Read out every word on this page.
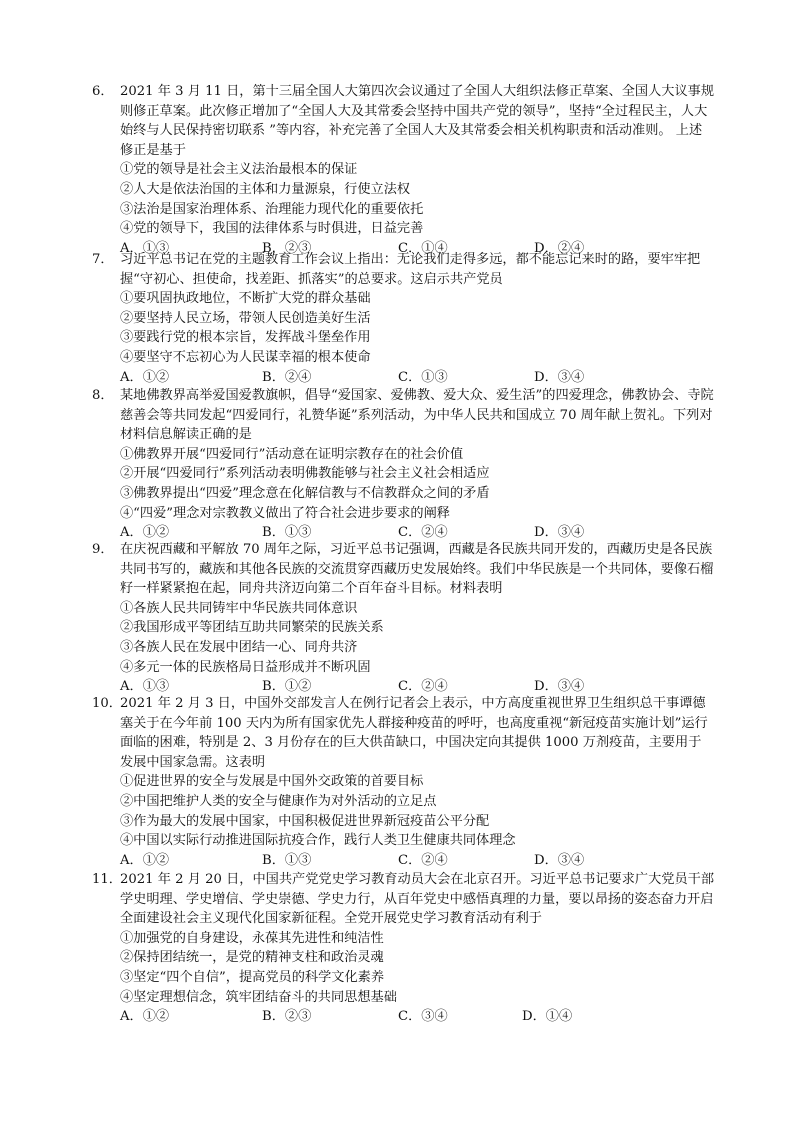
6． 2021 年 3 月 11 日，第十三届全国人大第四次会议通过了全国人大组织法修正草案、全国人大议事规则修正草案。此次修正增加了“全国人大及其常委会坚持中国共产党的领导”，坚持“全过程民主，人大始终与人民保持密切联系 ”等内容，补充完善了全国人大及其常委会相关机构职责和活动准则。 上述修正是基于
①党的领导是社会主义法治最根本的保证
②人大是依法治国的主体和力量源泉，行使立法权
③法治是国家治理体系、治理能力现代化的重要依托
④党的领导下，我国的法律体系与时俱进，日益完善
A．①③	B．②③	C．①④	D．②④
7． 习近平总书记在党的主题教育工作会议上指出：无论我们走得多远，都不能忘记来时的路，要牢牢把握“守初心、担使命，找差距、抓落实”的总要求。这启示共产党员
①要巩固执政地位，不断扩大党的群众基础
②要坚持人民立场，带领人民创造美好生活
③要践行党的根本宗旨，发挥战斗堡垒作用
④要坚守不忘初心为人民谋幸福的根本使命
A．①②	B．②④	C．①③	D．③④
8． 某地佛教界高举爱国爱教旗帜，倡导“爱国家、爱佛教、爱大众、爱生活”的四爱理念，佛教协会、寺院慈善会等共同发起“四爱同行，礼赞华诞”系列活动，为中华人民共和国成立 70 周年献上贺礼。下列对材料信息解读正确的是
①佛教界开展“四爱同行”活动意在证明宗教存在的社会价值
②开展“四爱同行”系列活动表明佛教能够与社会主义社会相适应
③佛教界提出“四爱”理念意在化解信教与不信教群众之间的矛盾
④“四爱”理念对宗教教义做出了符合社会进步要求的阐释
A．①②	B．①③	C．②④	D．③④
9． 在庆祝西藏和平解放 70 周年之际，习近平总书记强调，西藏是各民族共同开发的，西藏历史是各民族共同书写的，藏族和其他各民族的交流贯穿西藏历史发展始终。我们中华民族是一个共同体，要像石榴籽一样紧紧抱在起，同舟共济迈向第二个百年奋斗目标。材料表明
①各族人民共同铸牢中华民族共同体意识
②我国形成平等团结互助共同繁荣的民族关系
③各族人民在发展中团结一心、同舟共济
④多元一体的民族格局日益形成并不断巩固
A．①③	B．①②	C．②④	D．③④
10．
2021 年 2 月 3 日，中国外交部发言人在例行记者会上表示，中方高度重视世界卫生组织总干事谭德塞关于在今年前 100 天内为所有国家优先人群接种疫苗的呼吁，也高度重视“新冠疫苗实施计划”运行面临的困难，特别是 2、3 月份存在的巨大供苗缺口，中国决定向其提供 1000 万剂疫苗，主要用于发展中国家急需。这表明
①促进世界的安全与发展是中国外交政策的首要目标
②中国把维护人类的安全与健康作为对外活动的立足点
③作为最大的发展中国家，中国积极促进世界新冠疫苗公平分配
④中国以实际行动推进国际抗疫合作，践行人类卫生健康共同体理念
A．①②	B．①③	C．②④	D．③④
11．
2021 年 2 月 20 日，中国共产党党史学习教育动员大会在北京召开。习近平总书记要求广大党员干部学史明理、学史增信、学史崇德、学史力行，从百年党史中感悟真理的力量，要以昂扬的姿态奋力开启全面建设社会主义现代化国家新征程。全党开展党史学习教育活动有利于
①加强党的自身建设，永葆其先进性和纯洁性
②保持团结统一，是党的精神支柱和政治灵魂
③坚定“四个自信”，提高党员的科学文化素养
④坚定理想信念，筑牢团结奋斗的共同思想基础
A．①②	B．②③	C．③④	D．①④
